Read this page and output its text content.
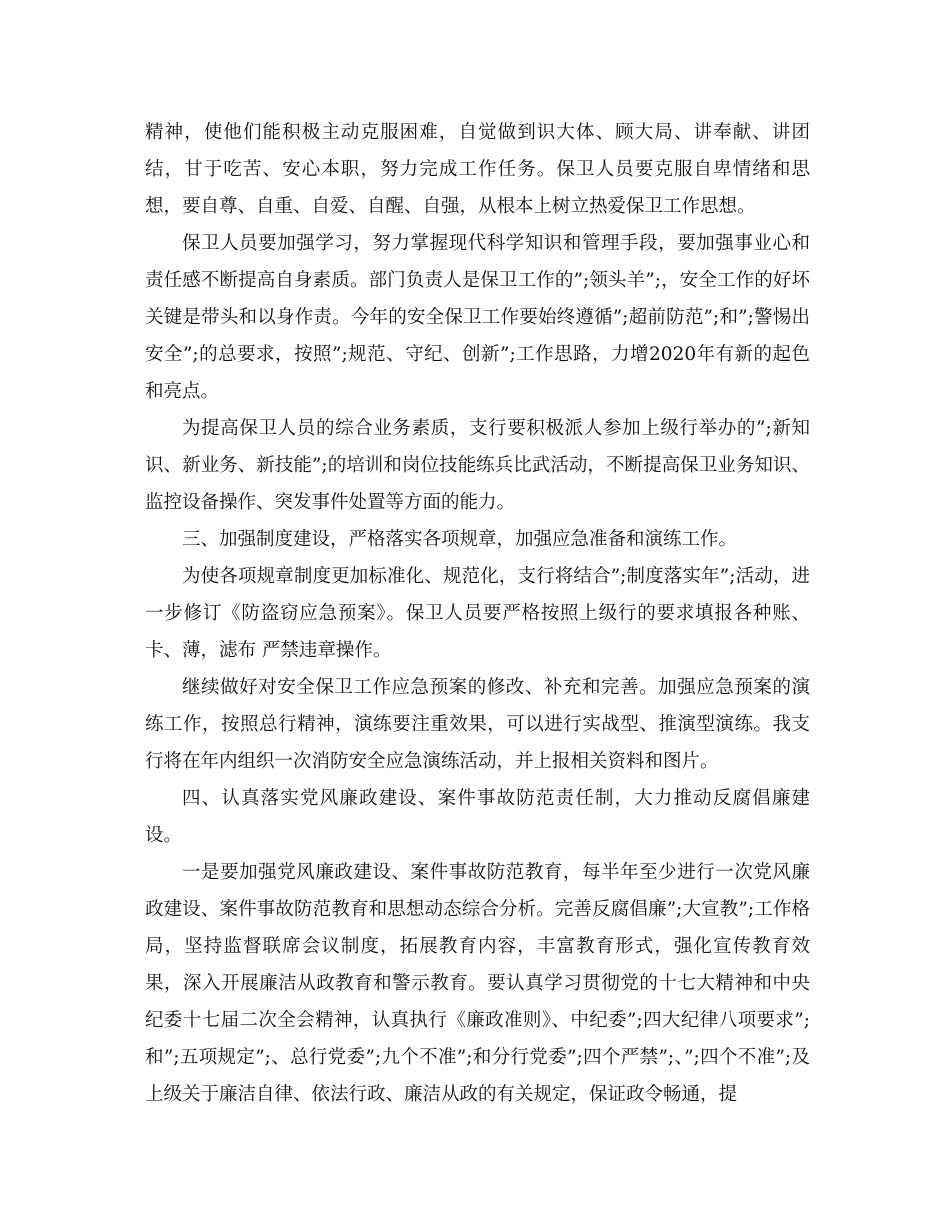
精神，使他们能积极主动克服困难，自觉做到识大体、顾大局、讲奉献、讲团结，甘于吃苦、安心本职，努力完成工作任务。保卫人员要克服自卑情绪和思想，要自尊、自重、自爱、自醒、自强，从根本上树立热爱保卫工作思想。

保卫人员要加强学习，努力掌握现代科学知识和管理手段，要加强事业心和责任感不断提高自身素质。部门负责人是保卫工作的”;领头羊”;，安全工作的好坏关键是带头和以身作责。今年的安全保卫工作要始终遵循”;超前防范”;和”;警惕出安全”;的总要求，按照”;规范、守纪、创新”;工作思路，力增2020年有新的起色和亮点。

为提高保卫人员的综合业务素质，支行要积极派人参加上级行举办的”;新知识、新业务、新技能”;的培训和岗位技能练兵比武活动，不断提高保卫业务知识、监控设备操作、突发事件处置等方面的能力。

三、加强制度建设，严格落实各项规章，加强应急准备和演练工作。

为使各项规章制度更加标准化、规范化，支行将结合”;制度落实年”;活动，进一步修订《防盗窃应急预案》。保卫人员要严格按照上级行的要求填报各种账、卡、薄，滤布 严禁违章操作。

继续做好对安全保卫工作应急预案的修改、补充和完善。加强应急预案的演练工作，按照总行精神，演练要注重效果，可以进行实战型、推演型演练。我支行将在年内组织一次消防安全应急演练活动，并上报相关资料和图片。

四、认真落实党风廉政建设、案件事故防范责任制，大力推动反腐倡廉建设。

一是要加强党风廉政建设、案件事故防范教育，每半年至少进行一次党风廉政建设、案件事故防范教育和思想动态综合分析。完善反腐倡廉”;大宣教”;工作格局，坚持监督联席会议制度，拓展教育内容，丰富教育形式，强化宣传教育效果，深入开展廉洁从政教育和警示教育。要认真学习贯彻党的十七大精神和中央纪委十七届二次全会精神，认真执行《廉政准则》、中纪委”;四大纪律八项要求”;和”;五项规定”;、总行党委”;九个不准”;和分行党委”;四个严禁”;、”;四个不准”;及上级关于廉洁自律、依法行政、廉洁从政的有关规定，保证政令畅通，提
